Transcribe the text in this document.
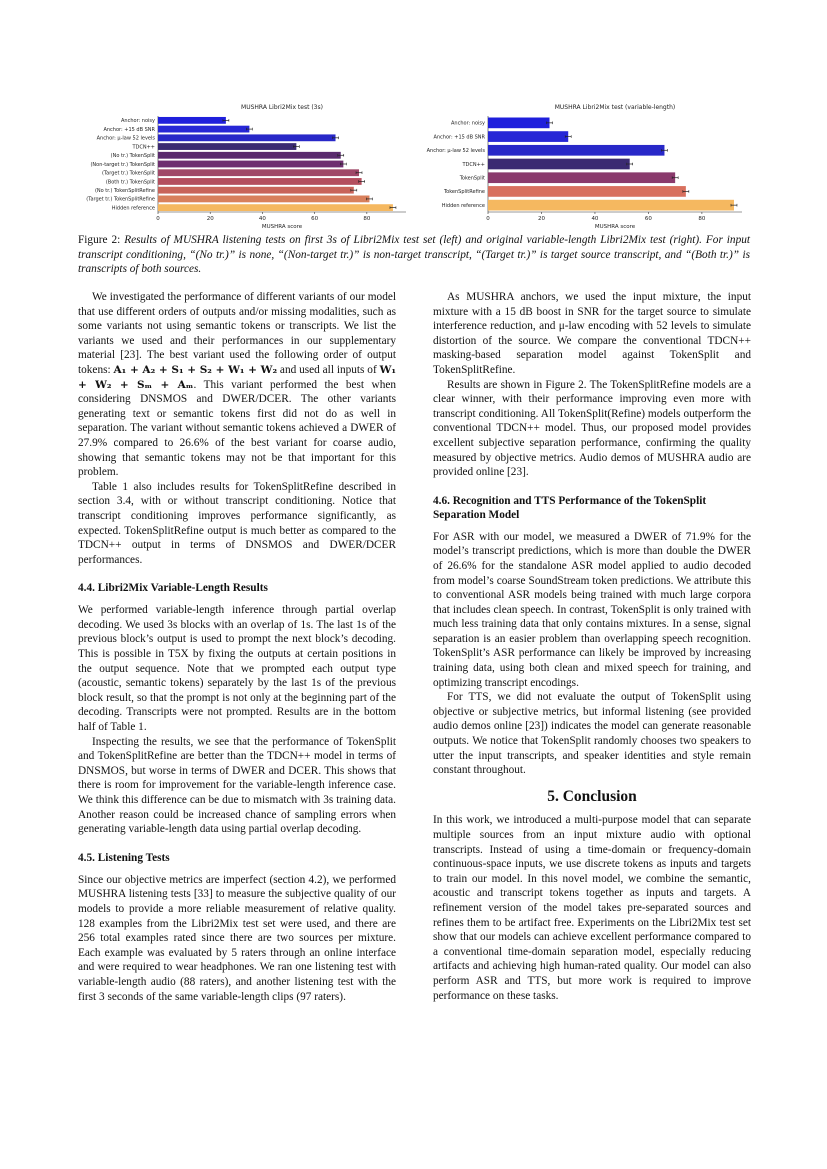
MUSHRA Libri2Mix test (3s)
0	20	40	60	80
MUSHRA score
Anchor: noisy
Anchor: +15 dB SNR
Anchor: μ-law 52 levels
TDCN++
(No tr.) TokenSplit
(Non-target tr.) TokenSplit
(Target tr.) TokenSplit
(Both tr.) TokenSplit
(No tr.) TokenSplitRefine
(Target tr.) TokenSplitRefine
Hidden reference
MUSHRA Libri2Mix test (variable-length)
0	20	40	60	80
MUSHRA score
Anchor: noisy
Anchor: +15 dB SNR
Anchor: μ-law 52 levels
TDCN++
TokenSplit
TokenSplitRefine
Hidden reference
Figure 2: Results of MUSHRA listening tests on first 3s of Libri2Mix test set (left) and original variable-length Libri2Mix test (right). For input transcript conditioning, “(No tr.)” is none, “(Non-target tr.)” is non-target transcript, “(Target tr.)” is target source transcript, and “(Both tr.)” is transcripts of both sources.

We investigated the performance of different variants of our model that use different orders of outputs and/or missing modalities, such as some variants not using semantic tokens or transcripts. We list the variants we used and their performances in our supplementary material [23]. The best variant used the following order of output tokens: A₁ + A₂ + S₁ + S₂ + W₁ + W₂ and used all inputs of W₁ + W₂ + Sₘ + Aₘ. This variant performed the best when considering DNSMOS and DWER/DCER. The other variants generating text or semantic tokens first did not do as well in separation. The variant without semantic tokens achieved a DWER of 27.9% compared to 26.6% of the best variant for coarse audio, showing that semantic tokens may not be that important for this problem.

Table 1 also includes results for TokenSplitRefine described in section 3.4, with or without transcript conditioning. Notice that transcript conditioning improves performance significantly, as expected. TokenSplitRefine output is much better as compared to the TDCN++ output in terms of DNSMOS and DWER/DCER performances.

4.4. Libri2Mix Variable-Length Results

We performed variable-length inference through partial overlap decoding. We used 3s blocks with an overlap of 1s. The last 1s of the previous block’s output is used to prompt the next block’s decoding. This is possible in T5X by fixing the outputs at certain positions in the output sequence. Note that we prompted each output type (acoustic, semantic tokens) separately by the last 1s of the previous block result, so that the prompt is not only at the beginning part of the decoding. Transcripts were not prompted. Results are in the bottom half of Table 1.

Inspecting the results, we see that the performance of TokenSplit and TokenSplitRefine are better than the TDCN++ model in terms of DNSMOS, but worse in terms of DWER and DCER. This shows that there is room for improvement for the variable-length inference case. We think this difference can be due to mismatch with 3s training data. Another reason could be increased chance of sampling errors when generating variable-length data using partial overlap decoding.

4.5. Listening Tests

Since our objective metrics are imperfect (section 4.2), we performed MUSHRA listening tests [33] to measure the subjective quality of our models to provide a more reliable measurement of relative quality. 128 examples from the Libri2Mix test set were used, and there are 256 total examples rated since there are two sources per mixture. Each example was evaluated by 5 raters through an online interface and were required to wear headphones. We ran one listening test with variable-length audio (88 raters), and another listening test with the first 3 seconds of the same variable-length clips (97 raters).

As MUSHRA anchors, we used the input mixture, the input mixture with a 15 dB boost in SNR for the target source to simulate interference reduction, and μ-law encoding with 52 levels to simulate distortion of the source. We compare the conventional TDCN++ masking-based separation model against TokenSplit and TokenSplitRefine.

Results are shown in Figure 2. The TokenSplitRefine models are a clear winner, with their performance improving even more with transcript conditioning. All TokenSplit(Refine) models outperform the conventional TDCN++ model. Thus, our proposed model provides excellent subjective separation performance, confirming the quality measured by objective metrics. Audio demos of MUSHRA audio are provided online [23].

4.6. Recognition and TTS Performance of the TokenSplit Separation Model

For ASR with our model, we measured a DWER of 71.9% for the model’s transcript predictions, which is more than double the DWER of 26.6% for the standalone ASR model applied to audio decoded from model’s coarse SoundStream token predictions. We attribute this to conventional ASR models being trained with much large corpora that includes clean speech. In contrast, TokenSplit is only trained with much less training data that only contains mixtures. In a sense, signal separation is an easier problem than overlapping speech recognition. TokenSplit’s ASR performance can likely be improved by increasing training data, using both clean and mixed speech for training, and optimizing transcript encodings.

For TTS, we did not evaluate the output of TokenSplit using objective or subjective metrics, but informal listening (see provided audio demos online [23]) indicates the model can generate reasonable outputs. We notice that TokenSplit randomly chooses two speakers to utter the input transcripts, and speaker identities and style remain constant throughout.

5. Conclusion

In this work, we introduced a multi-purpose model that can separate multiple sources from an input mixture audio with optional transcripts. Instead of using a time-domain or frequency-domain continuous-space inputs, we use discrete tokens as inputs and targets to train our model. In this novel model, we combine the semantic, acoustic and transcript tokens together as inputs and targets. A refinement version of the model takes pre-separated sources and refines them to be artifact free. Experiments on the Libri2Mix test set show that our models can achieve excellent performance compared to a conventional time-domain separation model, especially reducing artifacts and achieving high human-rated quality. Our model can also perform ASR and TTS, but more work is required to improve performance on these tasks.
